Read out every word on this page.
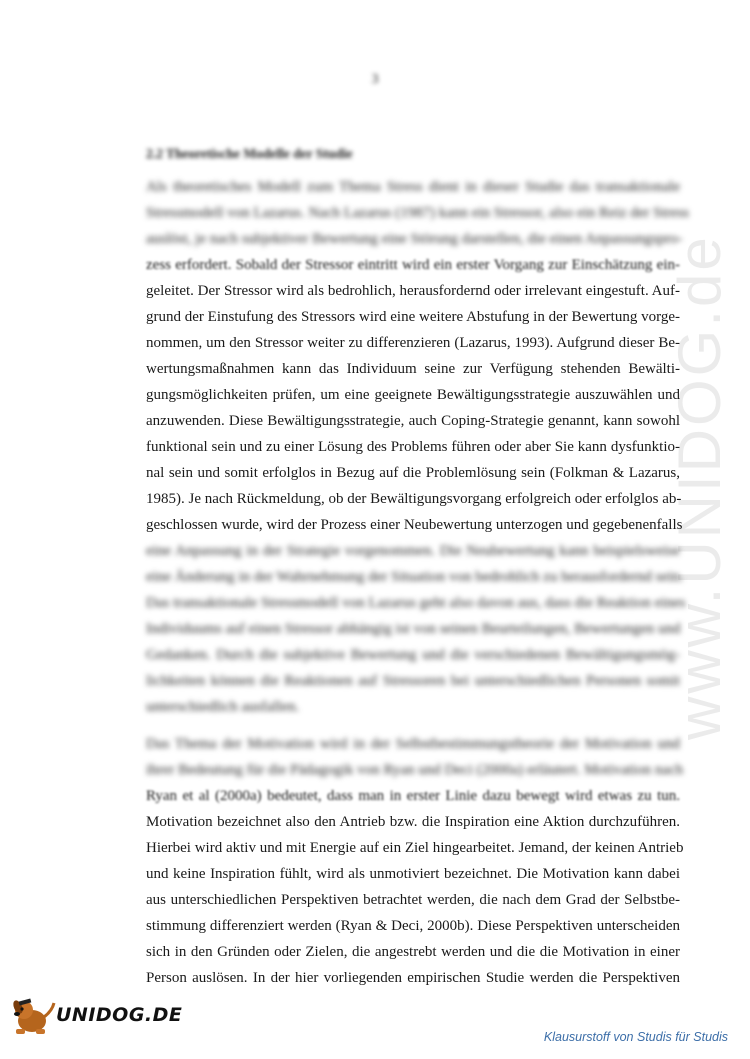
www.UNIDOG.de
3
2.2 Theoretische Modelle der Studie
Als theoretisches Modell zum Thema Stress dient in dieser Studie das transaktionale
Stressmodell von Lazarus. Nach Lazarus (1987) kann ein Stressor, also ein Reiz der Stress
auslöst, je nach subjektiver Bewertung eine Störung darstellen, die einen Anpassungspro-
zess erfordert. Sobald der Stressor eintritt wird ein erster Vorgang zur Einschätzung ein-
geleitet. Der Stressor wird als bedrohlich, herausfordernd oder irrelevant eingestuft. Auf-
grund der Einstufung des Stressors wird eine weitere Abstufung in der Bewertung vorge-
nommen, um den Stressor weiter zu differenzieren (Lazarus, 1993). Aufgrund dieser Be-
wertungsmaßnahmen kann das Individuum seine zur Verfügung stehenden Bewälti-
gungsmöglichkeiten prüfen, um eine geeignete Bewältigungsstrategie auszuwählen und
anzuwenden. Diese Bewältigungsstrategie, auch Coping-Strategie genannt, kann sowohl
funktional sein und zu einer Lösung des Problems führen oder aber Sie kann dysfunktio-
nal sein und somit erfolglos in Bezug auf die Problemlösung sein (Folkman & Lazarus,
1985). Je nach Rückmeldung, ob der Bewältigungsvorgang erfolgreich oder erfolglos ab-
geschlossen wurde, wird der Prozess einer Neubewertung unterzogen und gegebenenfalls
eine Anpassung in der Strategie vorgenommen. Die Neubewertung kann beispielsweise
eine Änderung in der Wahrnehmung der Situation von bedrohlich zu herausfordernd sein.
Das transaktionale Stressmodell von Lazarus geht also davon aus, dass die Reaktion eines
Individuums auf einen Stressor abhängig ist von seinen Beurteilungen, Bewertungen und
Gedanken. Durch die subjektive Bewertung und die verschiedenen Bewältigungsmög-
lichkeiten können die Reaktionen auf Stressoren bei unterschiedlichen Personen somit
unterschiedlich ausfallen.
Das Thema der Motivation wird in der Selbstbestimmungstheorie der Motivation und
ihrer Bedeutung für die Pädagogik von Ryan und Deci (2000a) erläutert. Motivation nach
Ryan et al (2000a) bedeutet, dass man in erster Linie dazu bewegt wird etwas zu tun.
Motivation bezeichnet also den Antrieb bzw. die Inspiration eine Aktion durchzuführen.
Hierbei wird aktiv und mit Energie auf ein Ziel hingearbeitet. Jemand, der keinen Antrieb
und keine Inspiration fühlt, wird als unmotiviert bezeichnet. Die Motivation kann dabei
aus unterschiedlichen Perspektiven betrachtet werden, die nach dem Grad der Selbstbe-
stimmung differenziert werden (Ryan & Deci, 2000b). Diese Perspektiven unterscheiden
sich in den Gründen oder Zielen, die angestrebt werden und die die Motivation in einer
Person auslösen. In der hier vorliegenden empirischen Studie werden die Perspektiven
UNIDOG.DE
Klausurstoff von Studis für Studis
